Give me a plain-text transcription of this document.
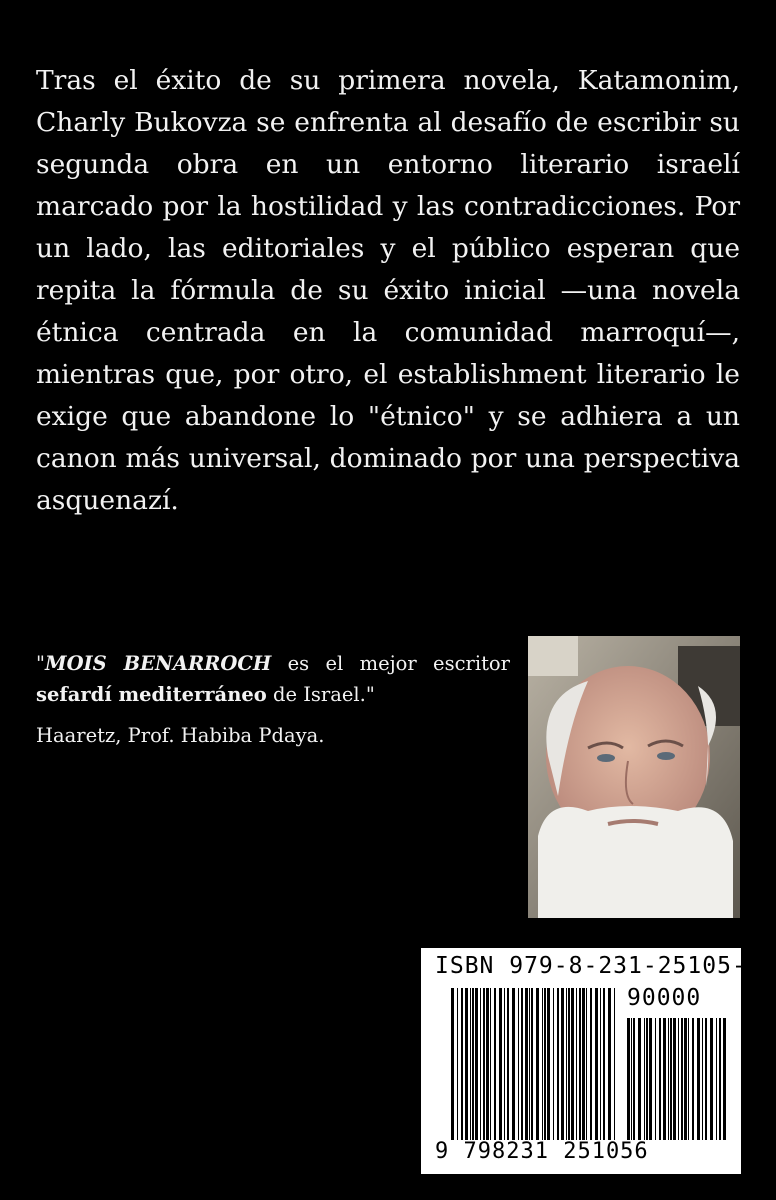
Tras el éxito de su primera novela, Katamonim, Charly Bukovza se enfrenta al desafío de escribir su segunda obra en un entorno literario israelí marcado por la hostilidad y las contradicciones. Por un lado, las editoriales y el público esperan que repita la fórmula de su éxito inicial —una novela étnica centrada en la comunidad marroquí—, mientras que, por otro, el establishment literario le exige que abandone lo "étnico" y se adhiera a un canon más universal, dominado por una perspectiva asquenazí.

"MOIS BENARROCH es el mejor escritor sefardí mediterráneo de Israel."

Haaretz, Prof. Habiba Pdaya.

ISBN 979-8-231-25105-6

90000

9 798231 251056
